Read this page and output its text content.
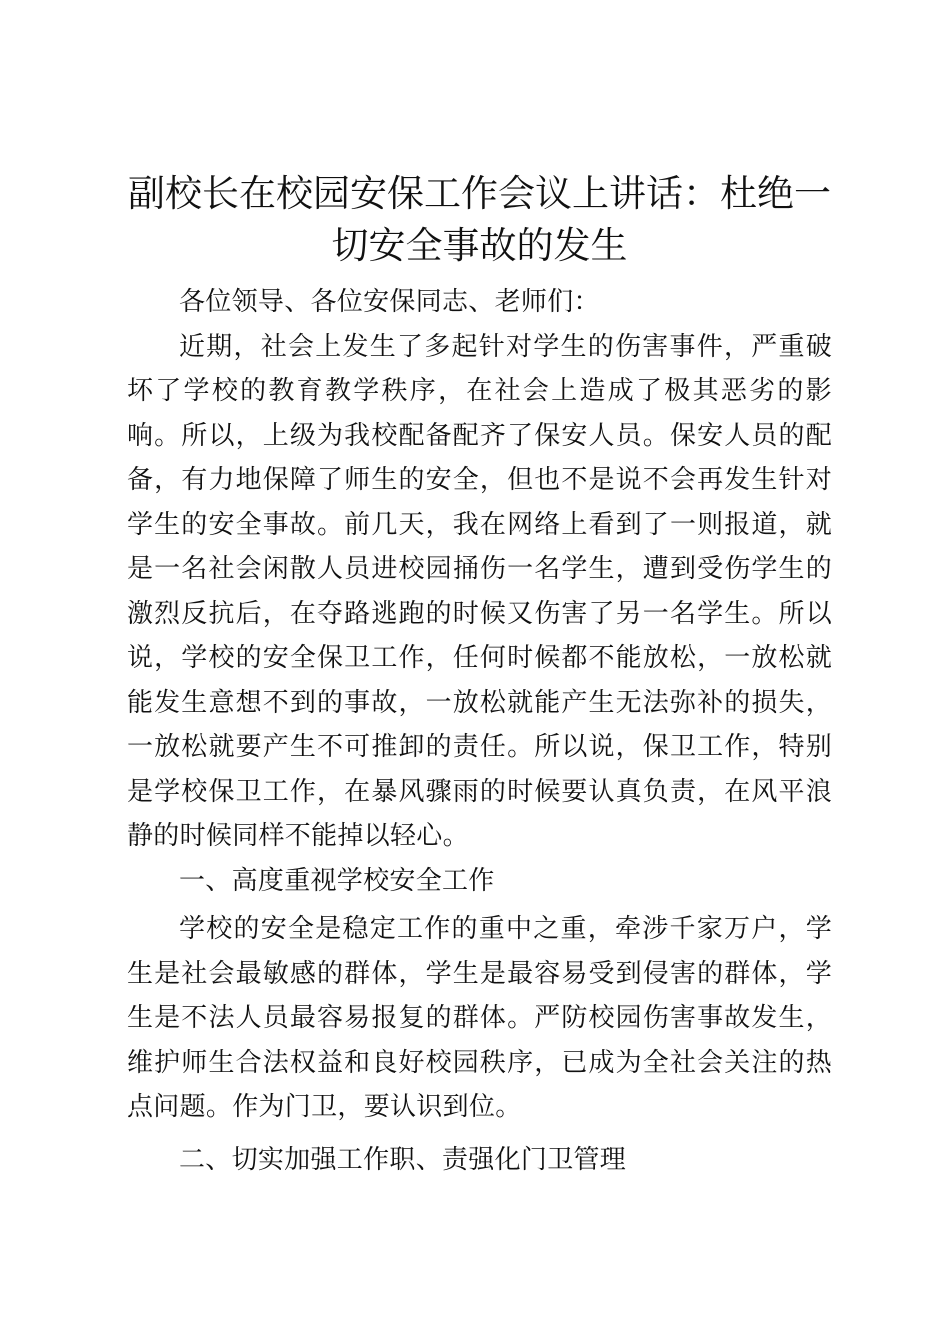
副校长在校园安保工作会议上讲话：杜绝一切安全事故的发生

各位领导、各位安保同志、老师们：

近期，社会上发生了多起针对学生的伤害事件，严重破坏了学校的教育教学秩序，在社会上造成了极其恶劣的影响。所以，上级为我校配备配齐了保安人员。保安人员的配备，有力地保障了师生的安全，但也不是说不会再发生针对学生的安全事故。前几天，我在网络上看到了一则报道，就是一名社会闲散人员进校园捅伤一名学生，遭到受伤学生的激烈反抗后，在夺路逃跑的时候又伤害了另一名学生。所以说，学校的安全保卫工作，任何时候都不能放松，一放松就能发生意想不到的事故，一放松就能产生无法弥补的损失，一放松就要产生不可推卸的责任。所以说，保卫工作，特别是学校保卫工作，在暴风骤雨的时候要认真负责，在风平浪静的时候同样不能掉以轻心。

一、高度重视学校安全工作

学校的安全是稳定工作的重中之重，牵涉千家万户，学生是社会最敏感的群体，学生是最容易受到侵害的群体，学生是不法人员最容易报复的群体。严防校园伤害事故发生，维护师生合法权益和良好校园秩序，已成为全社会关注的热点问题。作为门卫，要认识到位。

二、切实加强工作职、责强化门卫管理
